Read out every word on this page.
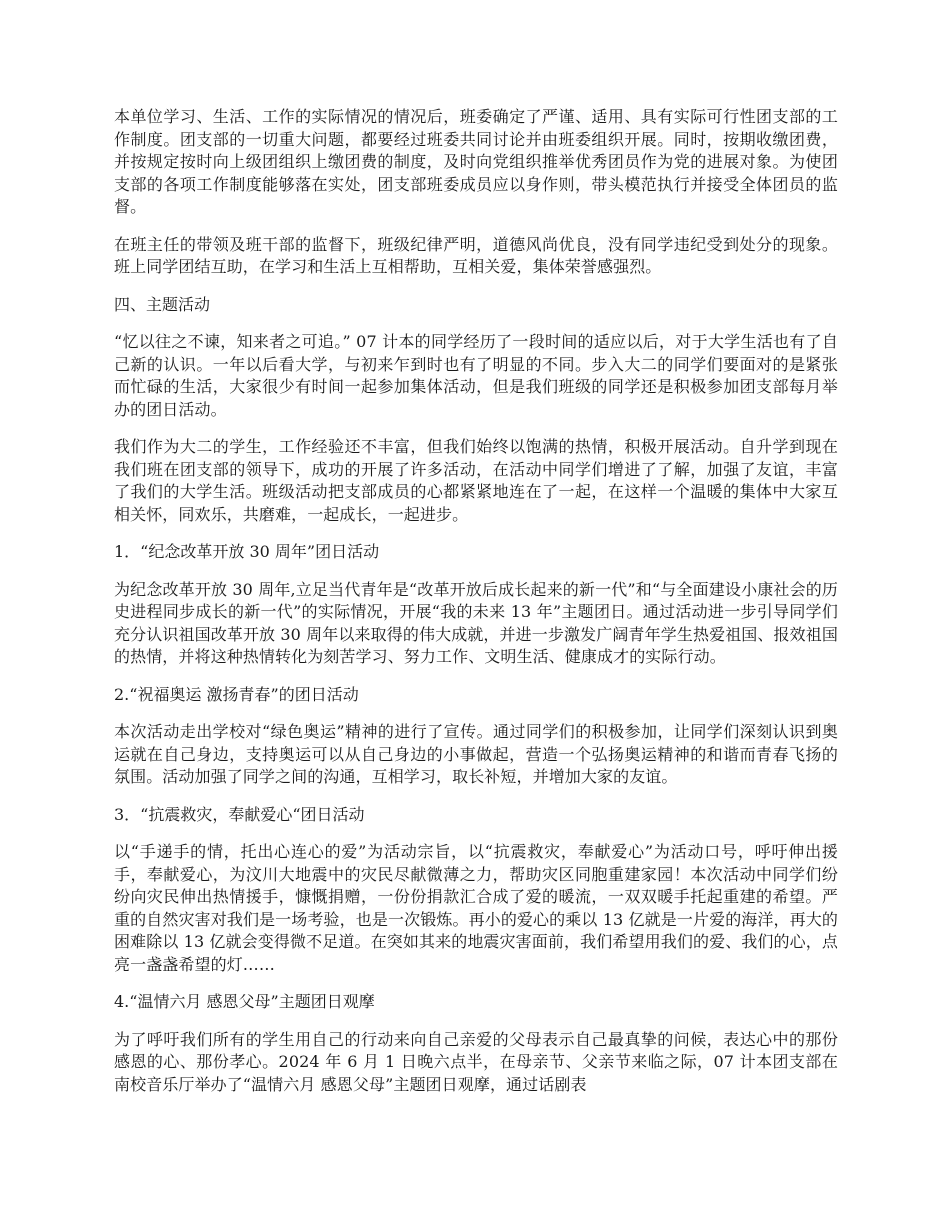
本单位学习、生活、工作的实际情况的情况后，班委确定了严谨、适用、具有实际可行性团支部的工作制度。团支部的一切重大问题，都要经过班委共同讨论并由班委组织开展。同时，按期收缴团费，并按规定按时向上级团组织上缴团费的制度，及时向党组织推举优秀团员作为党的进展对象。为使团支部的各项工作制度能够落在实处，团支部班委成员应以身作则，带头模范执行并接受全体团员的监督。

在班主任的带领及班干部的监督下，班级纪律严明，道德风尚优良，没有同学违纪受到处分的现象。班上同学团结互助，在学习和生活上互相帮助，互相关爱，集体荣誉感强烈。

四、主题活动

“忆以往之不谏，知来者之可追。” 07 计本的同学经历了一段时间的适应以后，对于大学生活也有了自己新的认识。一年以后看大学，与初来乍到时也有了明显的不同。步入大二的同学们要面对的是紧张而忙碌的生活，大家很少有时间一起参加集体活动，但是我们班级的同学还是积极参加团支部每月举办的团日活动。

我们作为大二的学生，工作经验还不丰富，但我们始终以饱满的热情，积极开展活动。自升学到现在我们班在团支部的领导下，成功的开展了许多活动，在活动中同学们增进了了解，加强了友谊，丰富了我们的大学生活。班级活动把支部成员的心都紧紧地连在了一起，在这样一个温暖的集体中大家互相关怀，同欢乐，共磨难，一起成长，一起进步。

1．“纪念改革开放 30 周年”团日活动

为纪念改革开放 30 周年,立足当代青年是“改革开放后成长起来的新一代”和“与全面建设小康社会的历史进程同步成长的新一代”的实际情况，开展“我的未来 13 年”主题团日。通过活动进一步引导同学们充分认识祖国改革开放 30 周年以来取得的伟大成就，并进一步激发广阔青年学生热爱祖国、报效祖国的热情，并将这种热情转化为刻苦学习、努力工作、文明生活、健康成才的实际行动。

2.“祝福奥运 激扬青春”的团日活动

本次活动走出学校对“绿色奥运”精神的进行了宣传。通过同学们的积极参加，让同学们深刻认识到奥运就在自己身边，支持奥运可以从自己身边的小事做起，营造一个弘扬奥运精神的和谐而青春飞扬的氛围。活动加强了同学之间的沟通，互相学习，取长补短，并增加大家的友谊。

3．“抗震救灾，奉献爱心“团日活动

以“手递手的情，托出心连心的爱”为活动宗旨，以“抗震救灾，奉献爱心”为活动口号，呼吁伸出援手，奉献爱心，为汶川大地震中的灾民尽献微薄之力，帮助灾区同胞重建家园！本次活动中同学们纷纷向灾民伸出热情援手，慷慨捐赠，一份份捐款汇合成了爱的暖流，一双双暖手托起重建的希望。严重的自然灾害对我们是一场考验，也是一次锻炼。再小的爱心的乘以 13 亿就是一片爱的海洋，再大的困难除以 13 亿就会变得微不足道。在突如其来的地震灾害面前，我们希望用我们的爱、我们的心，点亮一盏盏希望的灯……

4.“温情六月 感恩父母”主题团日观摩

为了呼吁我们所有的学生用自己的行动来向自己亲爱的父母表示自己最真挚的问候，表达心中的那份感恩的心、那份孝心。2024 年 6 月 1 日晚六点半，在母亲节、父亲节来临之际，07 计本团支部在南校音乐厅举办了“温情六月 感恩父母”主题团日观摩，通过话剧表
